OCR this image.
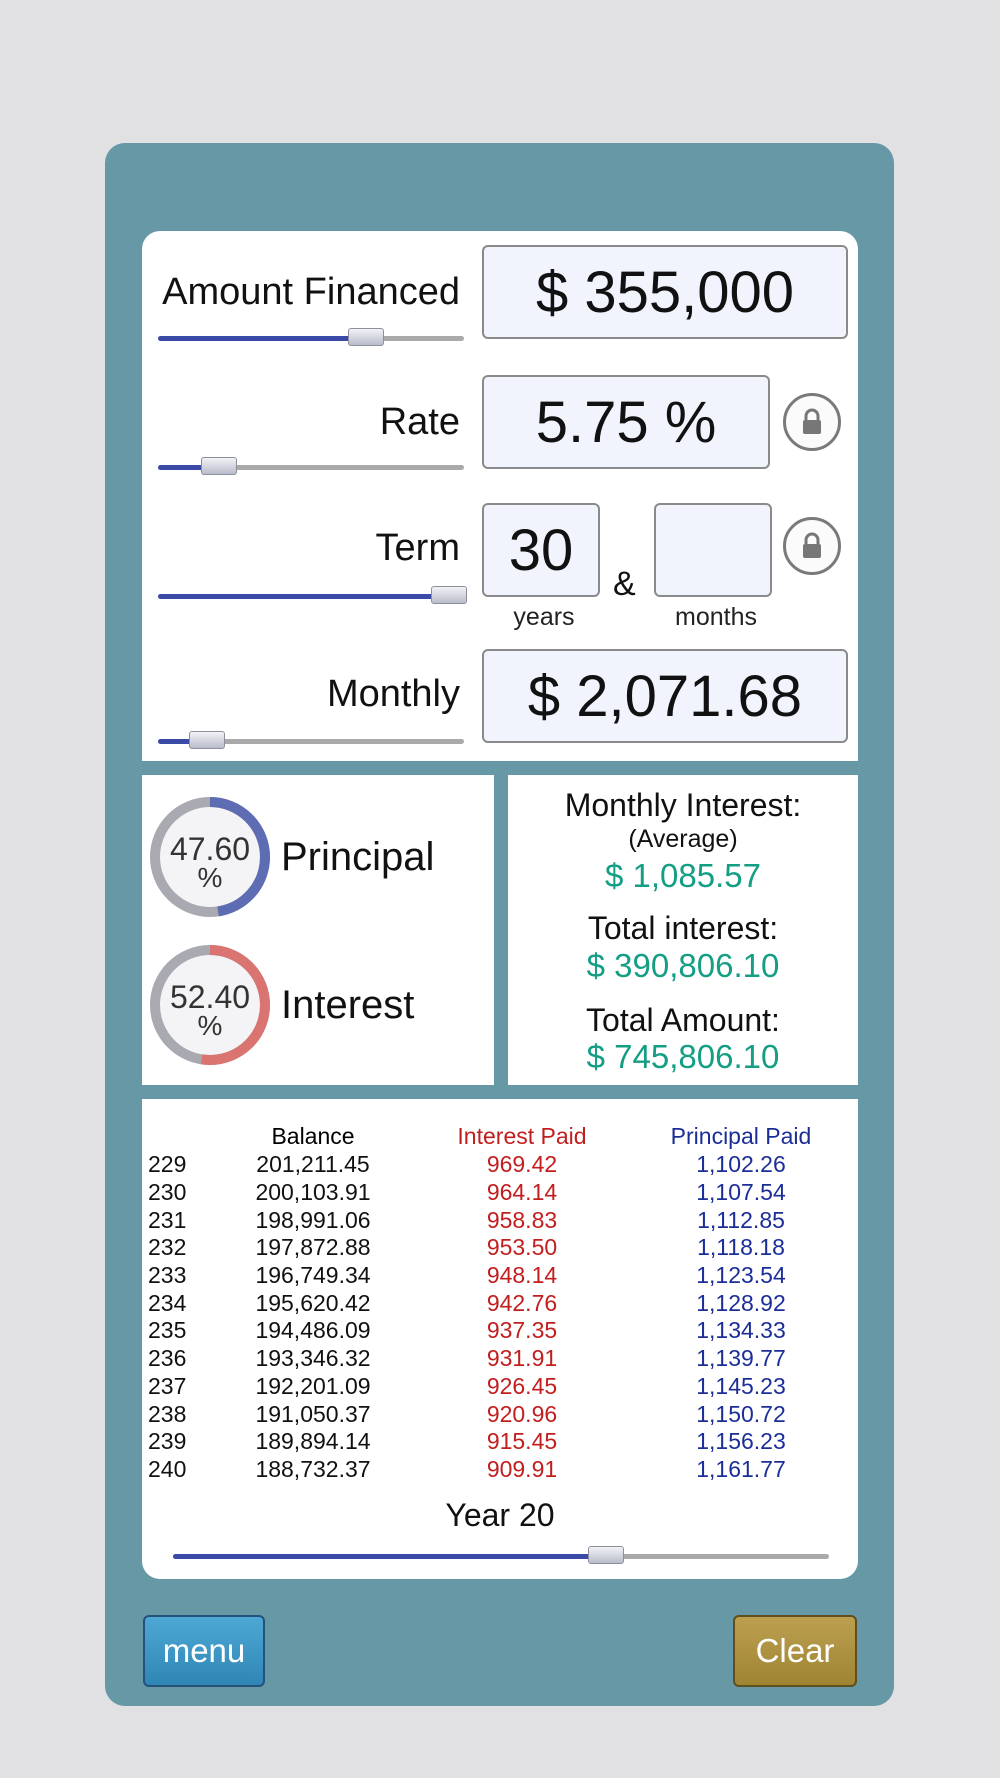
Amount Financed	$ 355,000
Rate	5.75 %
Term 30
&
years	months
Monthly	$ 2,071.68
47.60
%	Principal
52.40
%	Interest
Monthly Interest:
(Average)
$ 1,085.57
Total interest:
$ 390,806.10
Total Amount:
$ 745,806.10
	Balance	Interest Paid	Principal Paid
229	201,211.45	969.42	1,102.26
230	200,103.91	964.14	1,107.54
231	198,991.06	958.83	1,112.85
232	197,872.88	953.50	1,118.18
233	196,749.34	948.14	1,123.54
234	195,620.42	942.76	1,128.92
235	194,486.09	937.35	1,134.33
236	193,346.32	931.91	1,139.77
237	192,201.09	926.45	1,145.23
238	191,050.37	920.96	1,150.72
239	189,894.14	915.45	1,156.23
240	188,732.37	909.91	1,161.77
Year 20
menu	Clear
